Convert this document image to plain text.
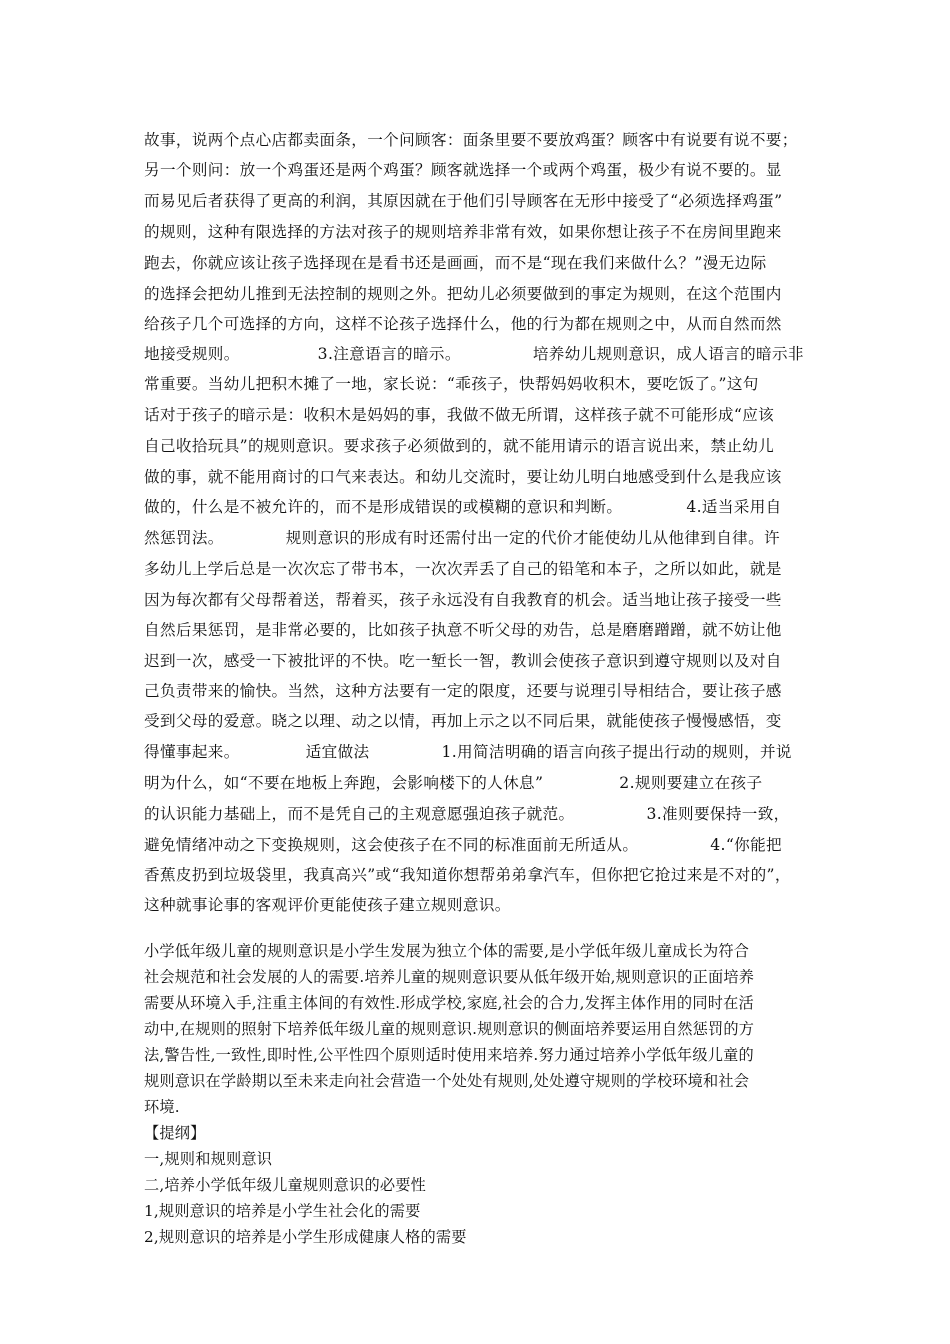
故事，说两个点心店都卖面条，一个问顾客：面条里要不要放鸡蛋？顾客中有说要有说不要；
另一个则问：放一个鸡蛋还是两个鸡蛋？顾客就选择一个或两个鸡蛋，极少有说不要的。显
而易见后者获得了更高的利润，其原因就在于他们引导顾客在无形中接受了“必须选择鸡蛋”
的规则，这种有限选择的方法对孩子的规则培养非常有效，如果你想让孩子不在房间里跑来
跑去，你就应该让孩子选择现在是看书还是画画，而不是“现在我们来做什么？”漫无边际
的选择会把幼儿推到无法控制的规则之外。把幼儿必须要做到的事定为规则，在这个范围内
给孩子几个可选择的方向，这样不论孩子选择什么，他的行为都在规则之中，从而自然而然
地接受规则。	3.注意语言的暗示。	培养幼儿规则意识，成人语言的暗示非
常重要。当幼儿把积木摊了一地，家长说：“乖孩子，快帮妈妈收积木，要吃饭了。”这句
话对于孩子的暗示是：收积木是妈妈的事，我做不做无所谓，这样孩子就不可能形成“应该
自己收拾玩具”的规则意识。要求孩子必须做到的，就不能用请示的语言说出来，禁止幼儿
做的事，就不能用商讨的口气来表达。和幼儿交流时，要让幼儿明白地感受到什么是我应该
做的，什么是不被允许的，而不是形成错误的或模糊的意识和判断。	4.适当采用自
然惩罚法。	规则意识的形成有时还需付出一定的代价才能使幼儿从他律到自律。许
多幼儿上学后总是一次次忘了带书本，一次次弄丢了自己的铅笔和本子，之所以如此，就是
因为每次都有父母帮着送，帮着买，孩子永远没有自我教育的机会。适当地让孩子接受一些
自然后果惩罚，是非常必要的，比如孩子执意不听父母的劝告，总是磨磨蹭蹭，就不妨让他
迟到一次，感受一下被批评的不快。吃一堑长一智，教训会使孩子意识到遵守规则以及对自
己负责带来的愉快。当然，这种方法要有一定的限度，还要与说理引导相结合，要让孩子感
受到父母的爱意。晓之以理、动之以情，再加上示之以不同后果，就能使孩子慢慢感悟，变
得懂事起来。	适宜做法	1.用简洁明确的语言向孩子提出行动的规则，并说
明为什么，如“不要在地板上奔跑，会影响楼下的人休息”	2.规则要建立在孩子
的认识能力基础上，而不是凭自己的主观意愿强迫孩子就范。	3.准则要保持一致，
避免情绪冲动之下变换规则，这会使孩子在不同的标准面前无所适从。	4.“你能把
香蕉皮扔到垃圾袋里，我真高兴”或“我知道你想帮弟弟拿汽车，但你把它抢过来是不对的”，
这种就事论事的客观评价更能使孩子建立规则意识。
小学低年级儿童的规则意识是小学生发展为独立个体的需要,是小学低年级儿童成长为符合
社会规范和社会发展的人的需要.培养儿童的规则意识要从低年级开始,规则意识的正面培养
需要从环境入手,注重主体间的有效性.形成学校,家庭,社会的合力,发挥主体作用的同时在活
动中,在规则的照射下培养低年级儿童的规则意识.规则意识的侧面培养要运用自然惩罚的方
法,警告性,一致性,即时性,公平性四个原则适时使用来培养.努力通过培养小学低年级儿童的
规则意识在学龄期以至未来走向社会营造一个处处有规则,处处遵守规则的学校环境和社会
环境.
【提纲】
一,规则和规则意识
二,培养小学低年级儿童规则意识的必要性
1,规则意识的培养是小学生社会化的需要
2,规则意识的培养是小学生形成健康人格的需要
